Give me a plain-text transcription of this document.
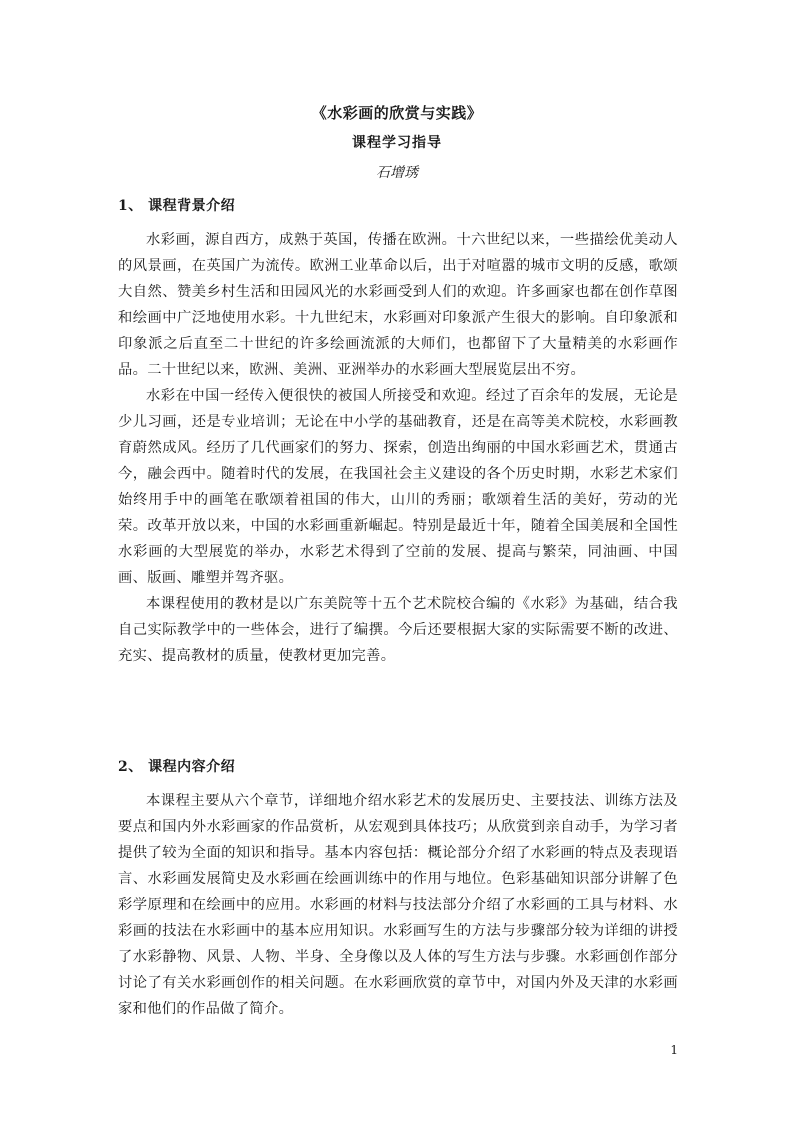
《水彩画的欣赏与实践》
课程学习指导
石增琇
1、 课程背景介绍

水彩画，源自西方，成熟于英国，传播在欧洲。十六世纪以来，一些描绘优美动人的风景画，在英国广为流传。欧洲工业革命以后，出于对喧嚣的城市文明的反感，歌颂大自然、赞美乡村生活和田园风光的水彩画受到人们的欢迎。许多画家也都在创作草图和绘画中广泛地使用水彩。十九世纪末，水彩画对印象派产生很大的影响。自印象派和印象派之后直至二十世纪的许多绘画流派的大师们，也都留下了大量精美的水彩画作品。二十世纪以来，欧洲、美洲、亚洲举办的水彩画大型展览层出不穷。

水彩在中国一经传入便很快的被国人所接受和欢迎。经过了百余年的发展，无论是少儿习画，还是专业培训；无论在中小学的基础教育，还是在高等美术院校，水彩画教育蔚然成风。经历了几代画家们的努力、探索，创造出绚丽的中国水彩画艺术，贯通古今，融会西中。随着时代的发展，在我国社会主义建设的各个历史时期，水彩艺术家们始终用手中的画笔在歌颂着祖国的伟大，山川的秀丽；歌颂着生活的美好，劳动的光荣。改革开放以来，中国的水彩画重新崛起。特别是最近十年，随着全国美展和全国性水彩画的大型展览的举办，水彩艺术得到了空前的发展、提高与繁荣，同油画、中国画、版画、雕塑并驾齐驱。

本课程使用的教材是以广东美院等十五个艺术院校合编的《水彩》为基础，结合我自己实际教学中的一些体会，进行了编撰。今后还要根据大家的实际需要不断的改进、充实、提高教材的质量，使教材更加完善。

2、 课程内容介绍

本课程主要从六个章节，详细地介绍水彩艺术的发展历史、主要技法、训练方法及要点和国内外水彩画家的作品赏析，从宏观到具体技巧；从欣赏到亲自动手，为学习者提供了较为全面的知识和指导。基本内容包括：概论部分介绍了水彩画的特点及表现语言、水彩画发展简史及水彩画在绘画训练中的作用与地位。色彩基础知识部分讲解了色彩学原理和在绘画中的应用。水彩画的材料与技法部分介绍了水彩画的工具与材料、水彩画的技法在水彩画中的基本应用知识。水彩画写生的方法与步骤部分较为详细的讲授了水彩静物、风景、人物、半身、全身像以及人体的写生方法与步骤。水彩画创作部分讨论了有关水彩画创作的相关问题。在水彩画欣赏的章节中，对国内外及天津的水彩画家和他们的作品做了简介。

1
